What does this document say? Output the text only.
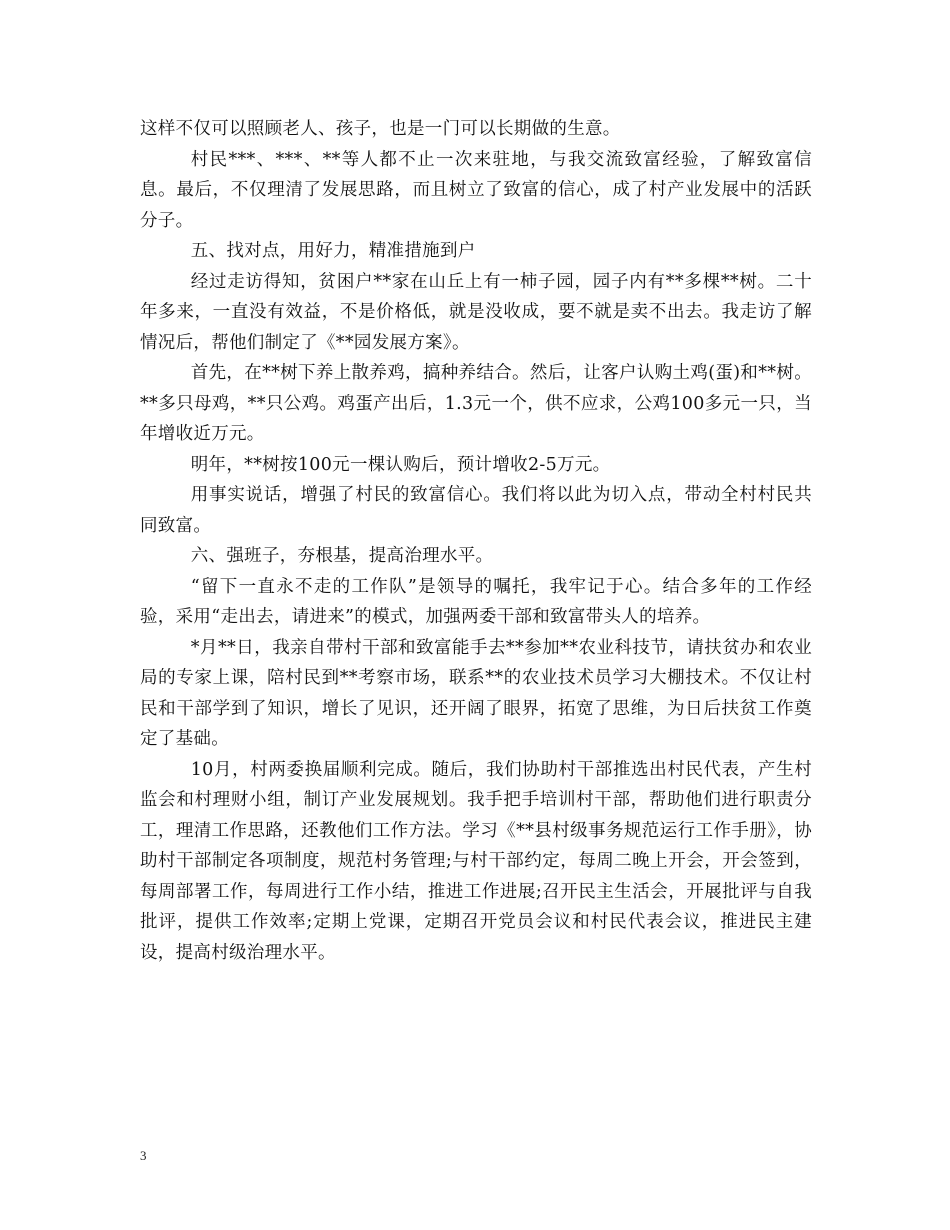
这样不仅可以照顾老人、孩子，也是一门可以长期做的生意。

村民***、***、**等人都不止一次来驻地，与我交流致富经验，了解致富信息。最后，不仅理清了发展思路，而且树立了致富的信心，成了村产业发展中的活跃分子。

五、找对点，用好力，精准措施到户

经过走访得知，贫困户**家在山丘上有一柿子园，园子内有**多棵**树。二十年多来，一直没有效益，不是价格低，就是没收成，要不就是卖不出去。我走访了解情况后，帮他们制定了《**园发展方案》。

首先，在**树下养上散养鸡，搞种养结合。然后，让客户认购土鸡(蛋)和**树。**多只母鸡，**只公鸡。鸡蛋产出后，1.3元一个，供不应求，公鸡100多元一只，当年增收近万元。

明年，**树按100元一棵认购后，预计增收2-5万元。

用事实说话，增强了村民的致富信心。我们将以此为切入点，带动全村村民共同致富。

六、强班子，夯根基，提高治理水平。

“留下一直永不走的工作队”是领导的嘱托，我牢记于心。结合多年的工作经验，采用“走出去，请进来”的模式，加强两委干部和致富带头人的培养。

*月**日，我亲自带村干部和致富能手去**参加**农业科技节，请扶贫办和农业局的专家上课，陪村民到**考察市场，联系**的农业技术员学习大棚技术。不仅让村民和干部学到了知识，增长了见识，还开阔了眼界，拓宽了思维，为日后扶贫工作奠定了基础。

10月，村两委换届顺利完成。随后，我们协助村干部推选出村民代表，产生村监会和村理财小组，制订产业发展规划。我手把手培训村干部，帮助他们进行职责分工，理清工作思路，还教他们工作方法。学习《**县村级事务规范运行工作手册》，协助村干部制定各项制度，规范村务管理;与村干部约定，每周二晚上开会，开会签到，每周部署工作，每周进行工作小结，推进工作进展;召开民主生活会，开展批评与自我批评，提供工作效率;定期上党课，定期召开党员会议和村民代表会议，推进民主建设，提高村级治理水平。

3
